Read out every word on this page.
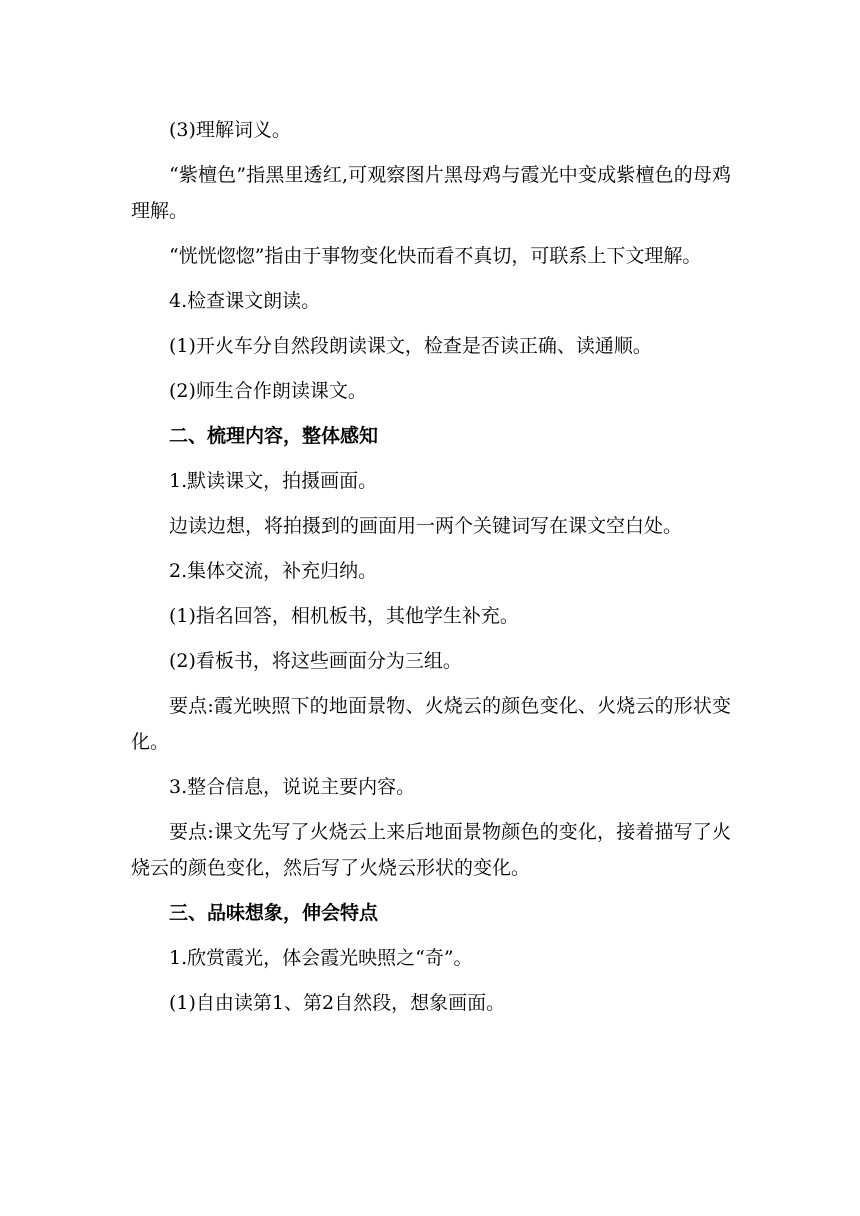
(3)理解词义。

“紫檀色”指黑里透红,可观察图片黑母鸡与霞光中变成紫檀色的母鸡理解。

“恍恍惚惚”指由于事物变化快而看不真切，可联系上下文理解。

4.检查课文朗读。

(1)开火车分自然段朗读课文，检查是否读正确、读通顺。

(2)师生合作朗读课文。

二、梳理内容，整体感知

1.默读课文，拍摄画面。

边读边想，将拍摄到的画面用一两个关键词写在课文空白处。

2.集体交流，补充归纳。

(1)指名回答，相机板书，其他学生补充。

(2)看板书，将这些画面分为三组。

要点:霞光映照下的地面景物、火烧云的颜色变化、火烧云的形状变化。

3.整合信息，说说主要内容。

要点:课文先写了火烧云上来后地面景物颜色的变化，接着描写了火烧云的颜色变化，然后写了火烧云形状的变化。

三、品味想象，伸会特点

1.欣赏霞光，体会霞光映照之“奇”。

(1)自由读第1、第2自然段，想象画面。
